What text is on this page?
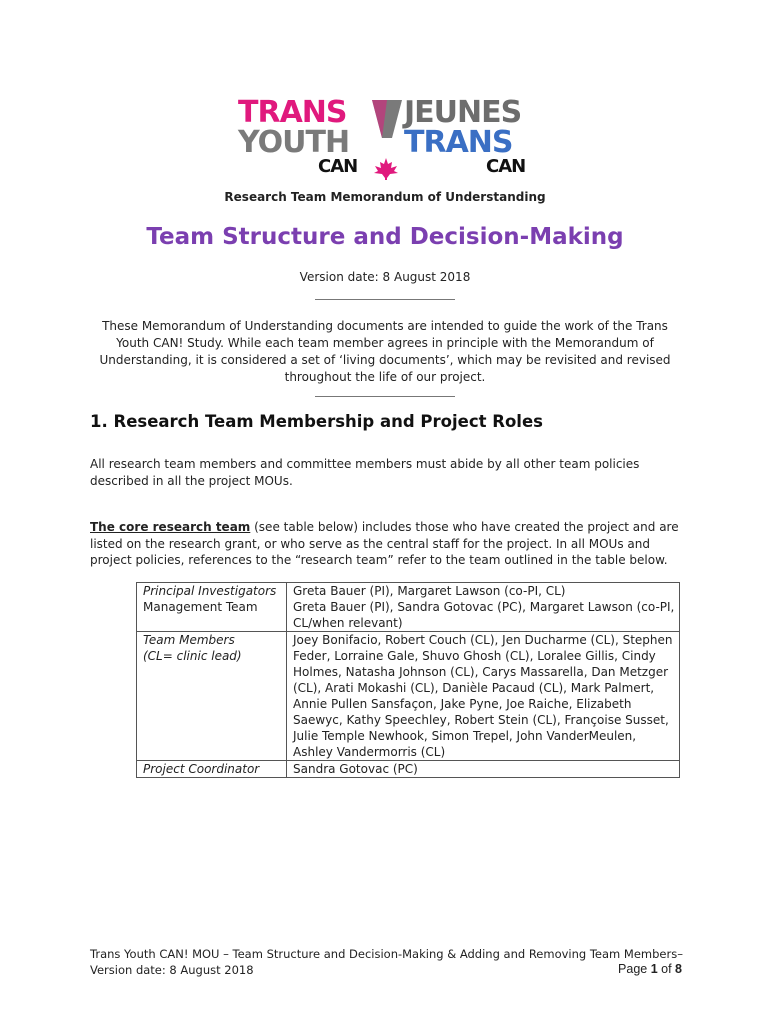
TRANS
YOUTH
CAN
JEUNES
TRANS
CAN
Research Team Memorandum of Understanding
Team Structure and Decision-Making
Version date: 8 August 2018
These Memorandum of Understanding documents are intended to guide the work of the Trans Youth CAN! Study. While each team member agrees in principle with the Memorandum of Understanding, it is considered a set of ‘living documents’, which may be revisited and revised throughout the life of our project.
1. Research Team Membership and Project Roles
All research team members and committee members must abide by all other team policies described in all the project MOUs.
The core research team (see table below) includes those who have created the project and are listed on the research grant, or who serve as the central staff for the project. In all MOUs and project policies, references to the “research team” refer to the team outlined in the table below.
Principal Investigators	Greta Bauer (PI), Margaret Lawson (co-PI, CL)
Management Team	Greta Bauer (PI), Sandra Gotovac (PC), Margaret Lawson (co-PI, CL/when relevant)
Team Members
(CL= clinic lead)	Joey Bonifacio, Robert Couch (CL), Jen Ducharme (CL), Stephen Feder, Lorraine Gale, Shuvo Ghosh (CL), Loralee Gillis, Cindy Holmes, Natasha Johnson (CL), Carys Massarella, Dan Metzger (CL), Arati Mokashi (CL), Danièle Pacaud (CL), Mark Palmert, Annie Pullen Sansfaçon, Jake Pyne, Joe Raiche, Elizabeth Saewyc, Kathy Speechley, Robert Stein (CL), Françoise Susset, Julie Temple Newhook, Simon Trepel, John VanderMeulen, Ashley Vandermorris (CL)
Project Coordinator	Sandra Gotovac (PC)
Trans Youth CAN! MOU – Team Structure and Decision-Making & Adding and Removing Team Members–
Version date: 8 August 2018	Page 1 of 8
